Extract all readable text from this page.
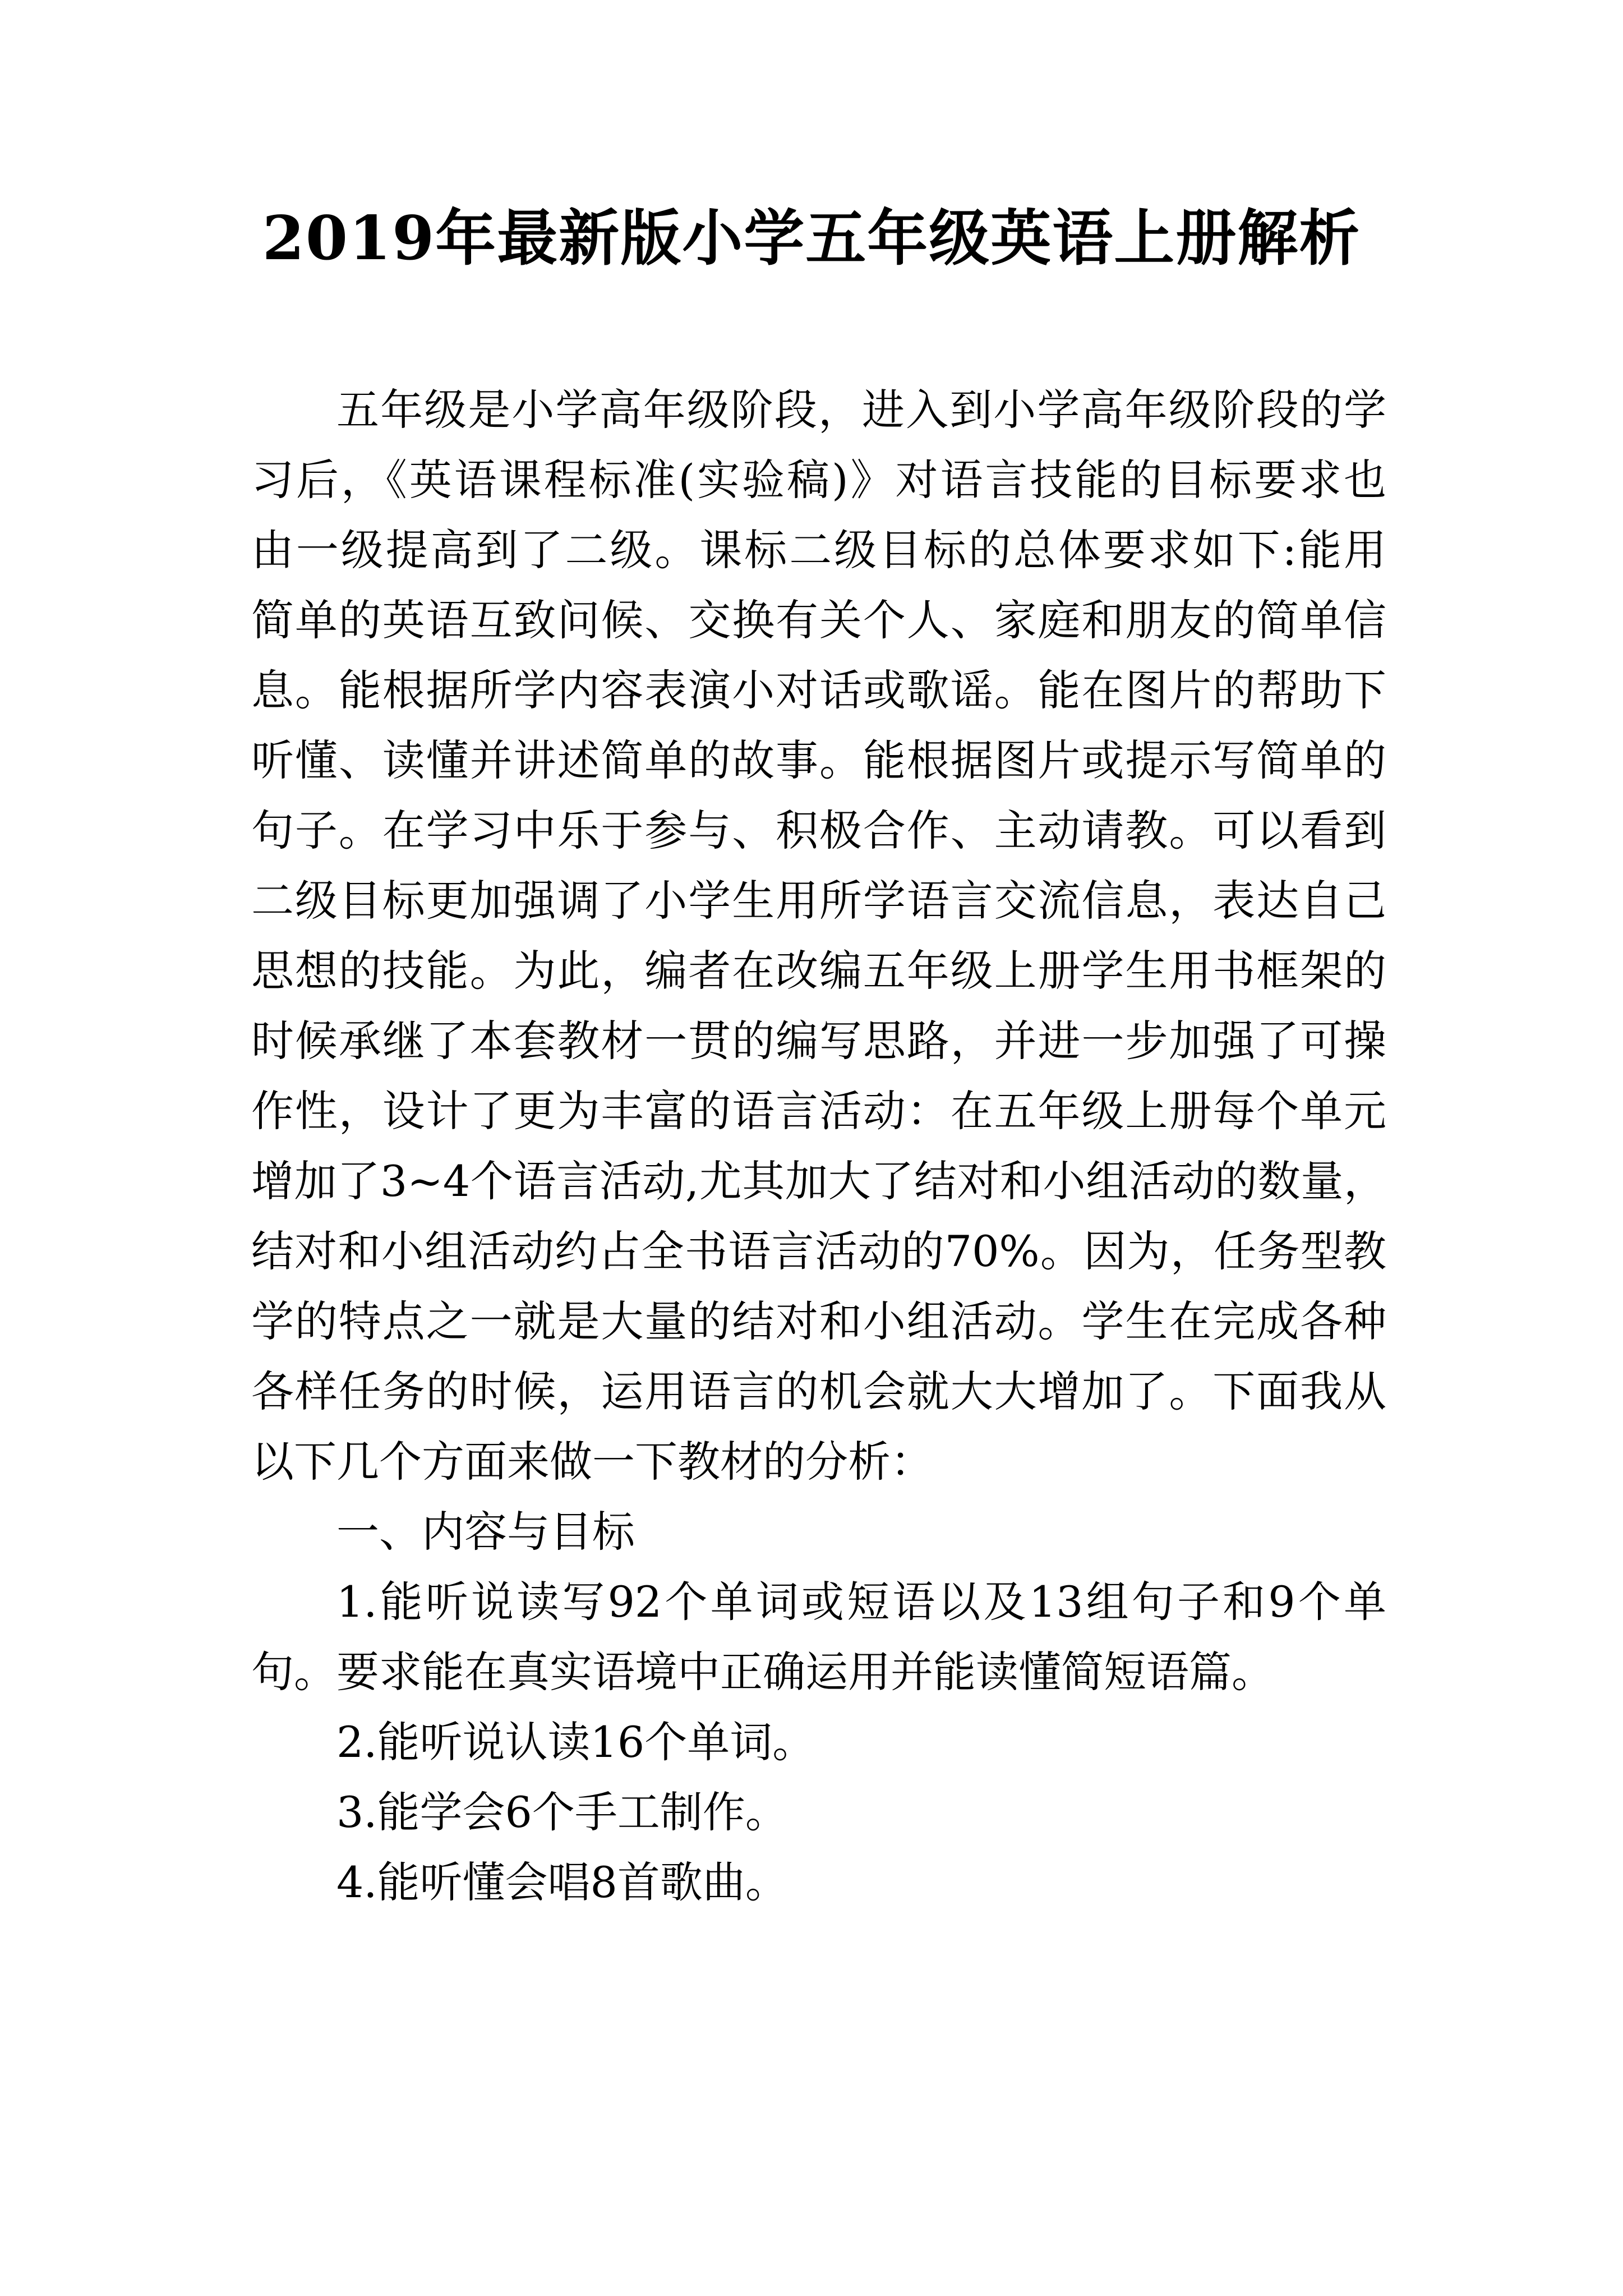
2019年最新版小学五年级英语上册解析
五年级是小学高年级阶段，进入到小学高年级阶段的学
习后，《英语课程标准(实验稿)》对语言技能的目标要求也
由一级提高到了二级。课标二级目标的总体要求如下:能用
简单的英语互致问候、交换有关个人、家庭和朋友的简单信
息。能根据所学内容表演小对话或歌谣。能在图片的帮助下
听懂、读懂并讲述简单的故事。能根据图片或提示写简单的
句子。在学习中乐于参与、积极合作、主动请教。可以看到
二级目标更加强调了小学生用所学语言交流信息，表达自己
思想的技能。为此，编者在改编五年级上册学生用书框架的
时候承继了本套教材一贯的编写思路，并进一步加强了可操
作性，设计了更为丰富的语言活动：在五年级上册每个单元
增加了3~4个语言活动,尤其加大了结对和小组活动的数量，
结对和小组活动约占全书语言活动的70%。因为，任务型教
学的特点之一就是大量的结对和小组活动。学生在完成各种
各样任务的时候，运用语言的机会就大大增加了。下面我从
以下几个方面来做一下教材的分析：
一、内容与目标
1.能听说读写92个单词或短语以及13组句子和9个单
句。要求能在真实语境中正确运用并能读懂简短语篇。
2.能听说认读16个单词。
3.能学会6个手工制作。
4.能听懂会唱8首歌曲。
